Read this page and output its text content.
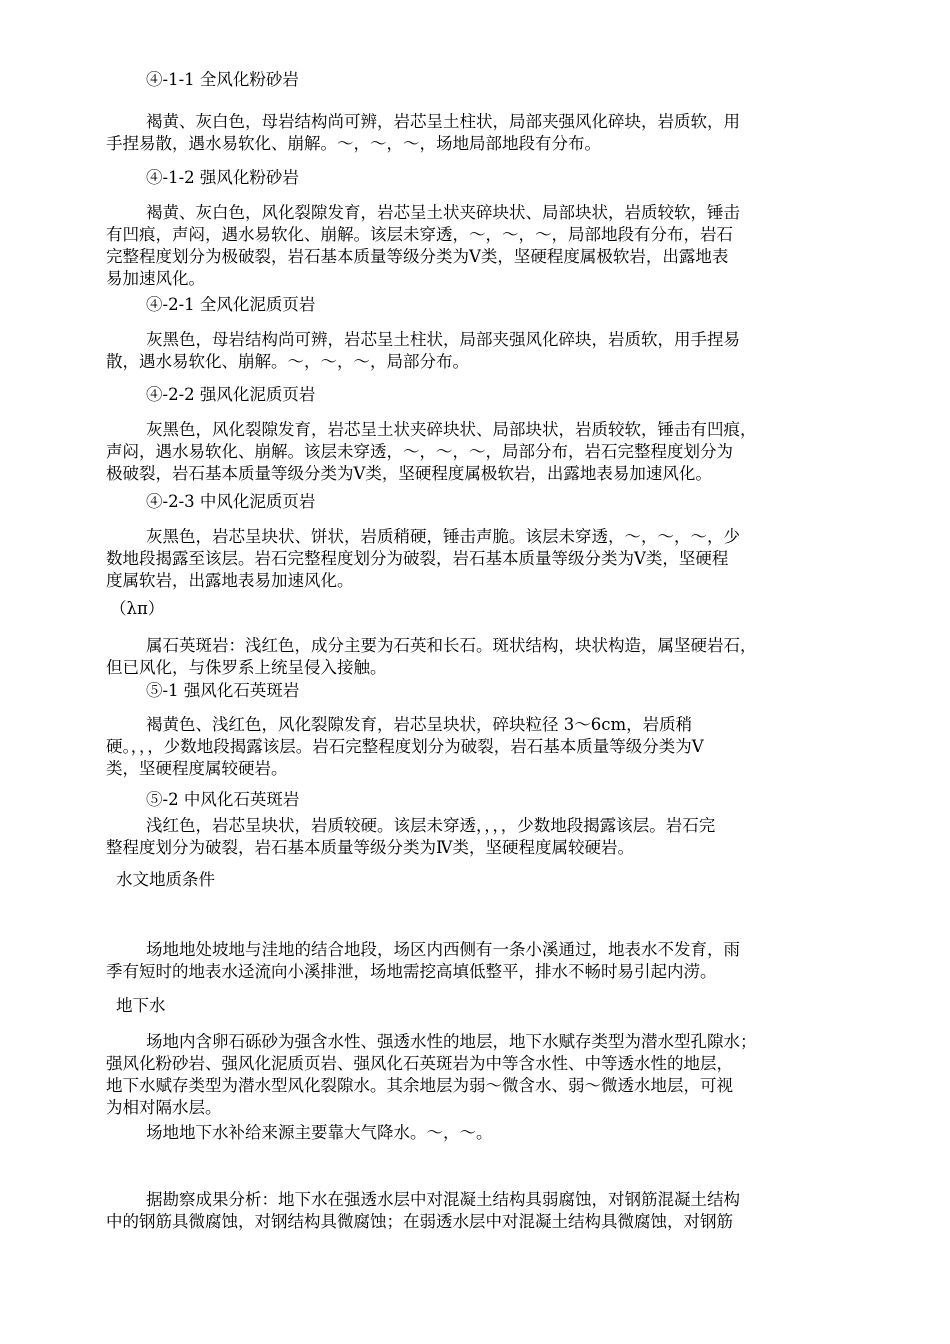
④-1-1 全风化粉砂岩
褐黄、灰白色，母岩结构尚可辨，岩芯呈土柱状，局部夹强风化碎块，岩质软，用
手捏易散，遇水易软化、崩解。～，～，～，场地局部地段有分布。
④-1-2 强风化粉砂岩
褐黄、灰白色，风化裂隙发育，岩芯呈土状夹碎块状、局部块状，岩质较软，锤击
有凹痕，声闷，遇水易软化、崩解。该层未穿透，～，～，～，局部地段有分布，岩石
完整程度划分为极破裂，岩石基本质量等级分类为Ⅴ类，坚硬程度属极软岩，出露地表
易加速风化。
④-2-1 全风化泥质页岩
灰黑色，母岩结构尚可辨，岩芯呈土柱状，局部夹强风化碎块，岩质软，用手捏易
散，遇水易软化、崩解。～，～，～，局部分布。
④-2-2 强风化泥质页岩
灰黑色，风化裂隙发育，岩芯呈土状夹碎块状、局部块状，岩质较软，锤击有凹痕，
声闷，遇水易软化、崩解。该层未穿透，～，～，～，局部分布，岩石完整程度划分为
极破裂，岩石基本质量等级分类为Ⅴ类，坚硬程度属极软岩，出露地表易加速风化。
④-2-3 中风化泥质页岩
灰黑色，岩芯呈块状、饼状，岩质稍硬，锤击声脆。该层未穿透，～，～，～，少
数地段揭露至该层。岩石完整程度划分为破裂，岩石基本质量等级分类为Ⅴ类，坚硬程
度属软岩，出露地表易加速风化。
（λπ）
属石英斑岩：浅红色，成分主要为石英和长石。斑状结构，块状构造，属坚硬岩石，
但已风化，与侏罗系上统呈侵入接触。
⑤-1 强风化石英斑岩
褐黄色、浅红色，风化裂隙发育，岩芯呈块状，碎块粒径 3～6cm，岩质稍
硬。，，，少数地段揭露该层。岩石完整程度划分为破裂，岩石基本质量等级分类为Ⅴ
类，坚硬程度属较硬岩。
⑤-2 中风化石英斑岩
浅红色，岩芯呈块状，岩质较硬。该层未穿透，，，，少数地段揭露该层。岩石完
整程度划分为破裂，岩石基本质量等级分类为Ⅳ类，坚硬程度属较硬岩。
水文地质条件
场地地处坡地与洼地的结合地段，场区内西侧有一条小溪通过，地表水不发育，雨
季有短时的地表水迳流向小溪排泄，场地需挖高填低整平，排水不畅时易引起内涝。
地下水
场地内含卵石砾砂为强含水性、强透水性的地层，地下水赋存类型为潜水型孔隙水；
强风化粉砂岩、强风化泥质页岩、强风化石英斑岩为中等含水性、中等透水性的地层，
地下水赋存类型为潜水型风化裂隙水。其余地层为弱～微含水、弱～微透水地层，可视
为相对隔水层。
场地地下水补给来源主要靠大气降水。～，～。
据勘察成果分析：地下水在强透水层中对混凝土结构具弱腐蚀，对钢筋混凝土结构
中的钢筋具微腐蚀，对钢结构具微腐蚀；在弱透水层中对混凝土结构具微腐蚀，对钢筋
